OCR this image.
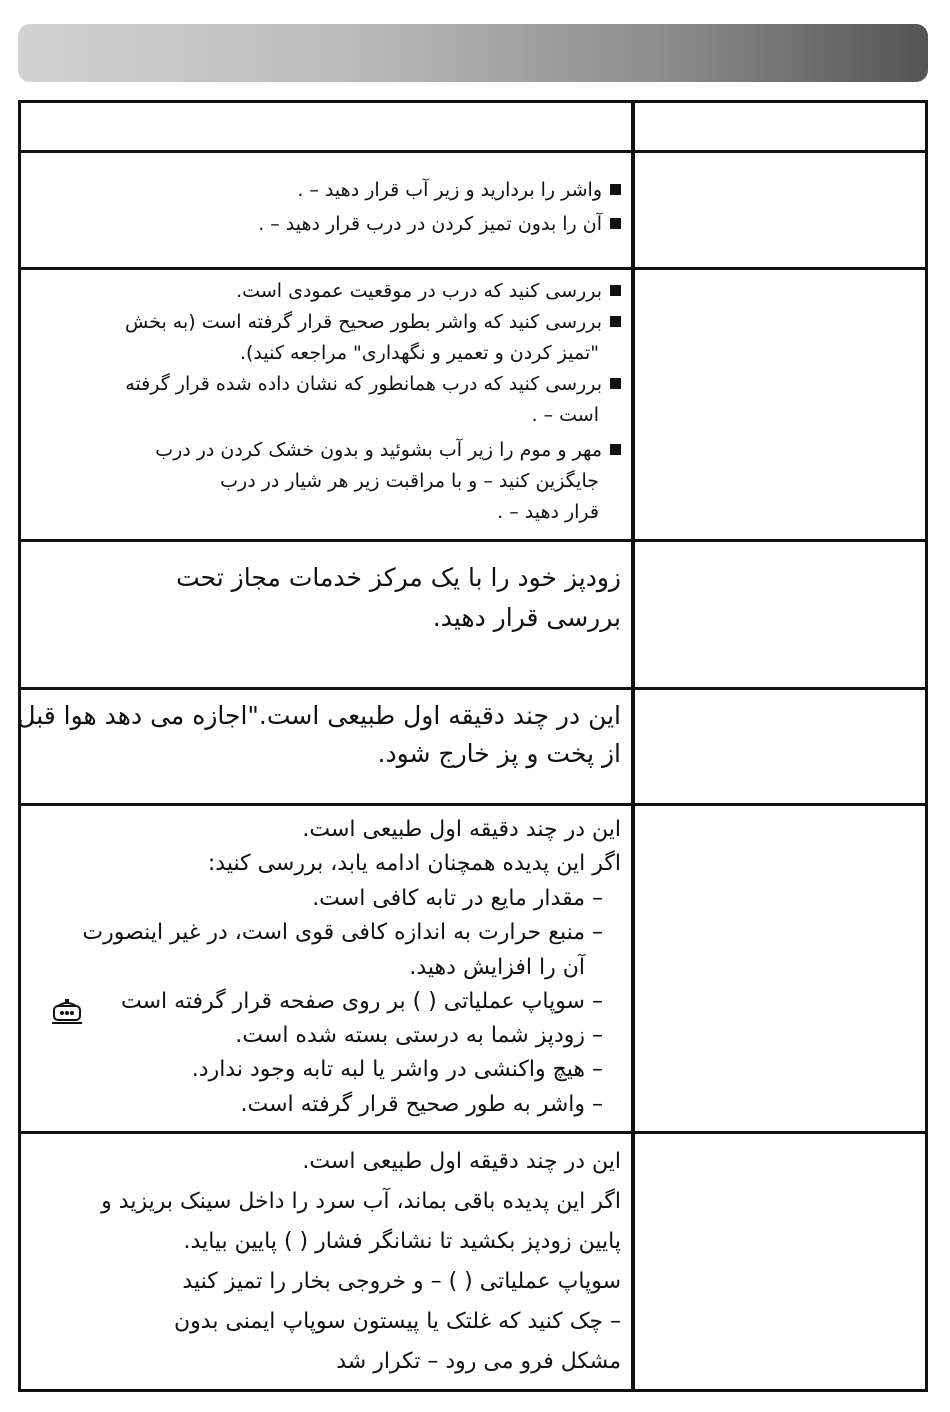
واشر را بردارید و زیر آب قرار دهید – .
آن را بدون تمیز کردن در درب قرار دهید – .
بررسی کنید که درب در موقعیت عمودی است.
بررسی کنید که واشر بطور صحیح قرار گرفته است (به بخش
"تمیز کردن و تعمیر و نگهداری" مراجعه کنید).
بررسی کنید که درب همانطور که نشان داده شده قرار گرفته
است – .
مهر و موم را زیر آب بشوئید و بدون خشک کردن در درب
جایگزین کنید – و با مراقبت زیر هر شیار در درب
قرار دهید – .
زودپز خود را با یک مرکز خدمات مجاز تحت
بررسی قرار دهید.
این در چند دقیقه اول طبیعی است."اجازه می دهد هوا قبل
از پخت و پز خارج شود.
این در چند دقیقه اول طبیعی است.
اگر این پدیده همچنان ادامه یابد، بررسی کنید:
– مقدار مایع در تابه کافی است.
– منبع حرارت به اندازه کافی قوی است، در غیر اینصورت
آن را افزایش دهید.
– سوپاپ عملیاتی ( ) بر روی صفحه قرار گرفته است
– زودپز شما به درستی بسته شده است.
– هیچ واکنشی در واشر یا لبه تابه وجود ندارد.
– واشر به طور صحیح قرار گرفته است.
این در چند دقیقه اول طبیعی است.
اگر این پدیده باقی بماند، آب سرد را داخل سینک بریزید و
پایین زودپز بکشید تا نشانگر فشار ( ) پایین بیاید.
سوپاپ عملیاتی ( ) – و خروجی بخار را تمیز کنید
– چک کنید که غلتک یا پیستون سوپاپ ایمنی بدون
مشکل فرو می رود – تکرار شد
